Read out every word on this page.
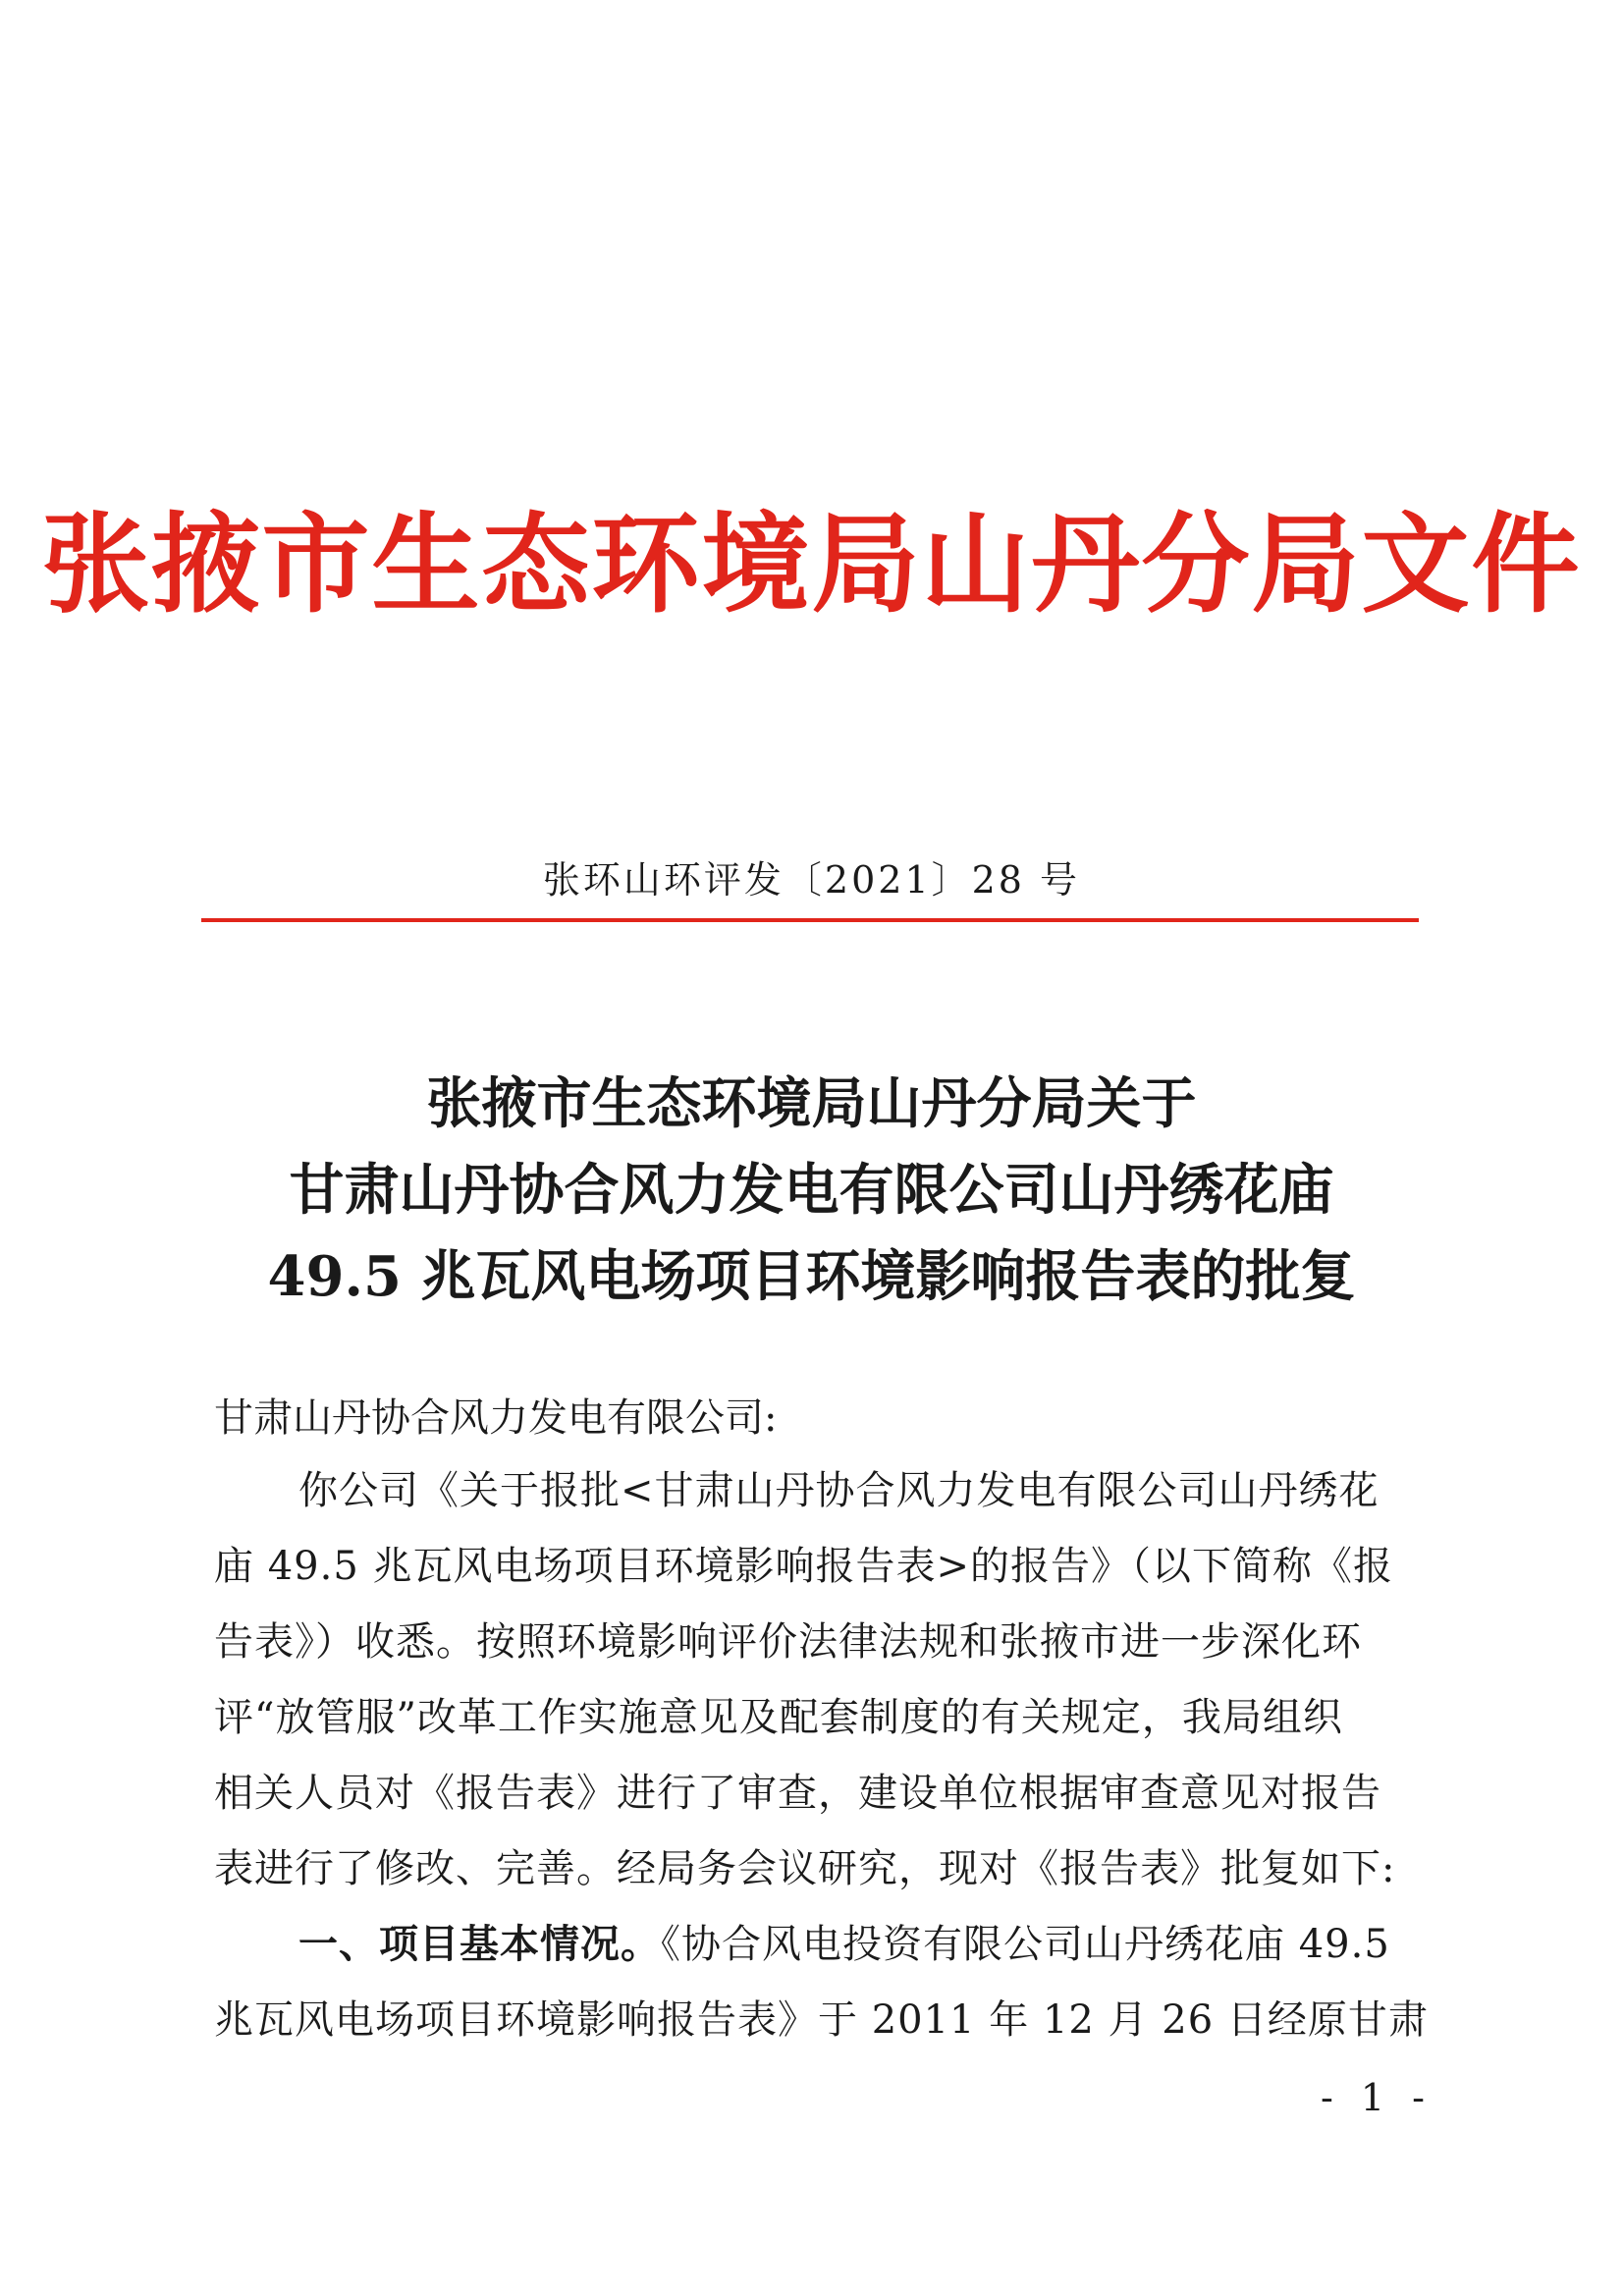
张掖市生态环境局山丹分局文件
张环山环评发〔2021〕28 号
张掖市生态环境局山丹分局关于
甘肃山丹协合风力发电有限公司山丹绣花庙
49.5 兆瓦风电场项目环境影响报告表的批复
甘肃山丹协合风力发电有限公司:
你公司《关于报批<甘肃山丹协合风力发电有限公司山丹绣花
庙 49.5 兆瓦风电场项目环境影响报告表>的报告》（以下简称《报
告表》）收悉。按照环境影响评价法律法规和张掖市进一步深化环
评“放管服”改革工作实施意见及配套制度的有关规定，我局组织
相关人员对《报告表》进行了审查，建设单位根据审查意见对报告
表进行了修改、完善。经局务会议研究，现对《报告表》批复如下:
一、项目基本情况。《协合风电投资有限公司山丹绣花庙 49.5
兆瓦风电场项目环境影响报告表》于 2011 年 12 月 26 日经原甘肃
- 1 -
